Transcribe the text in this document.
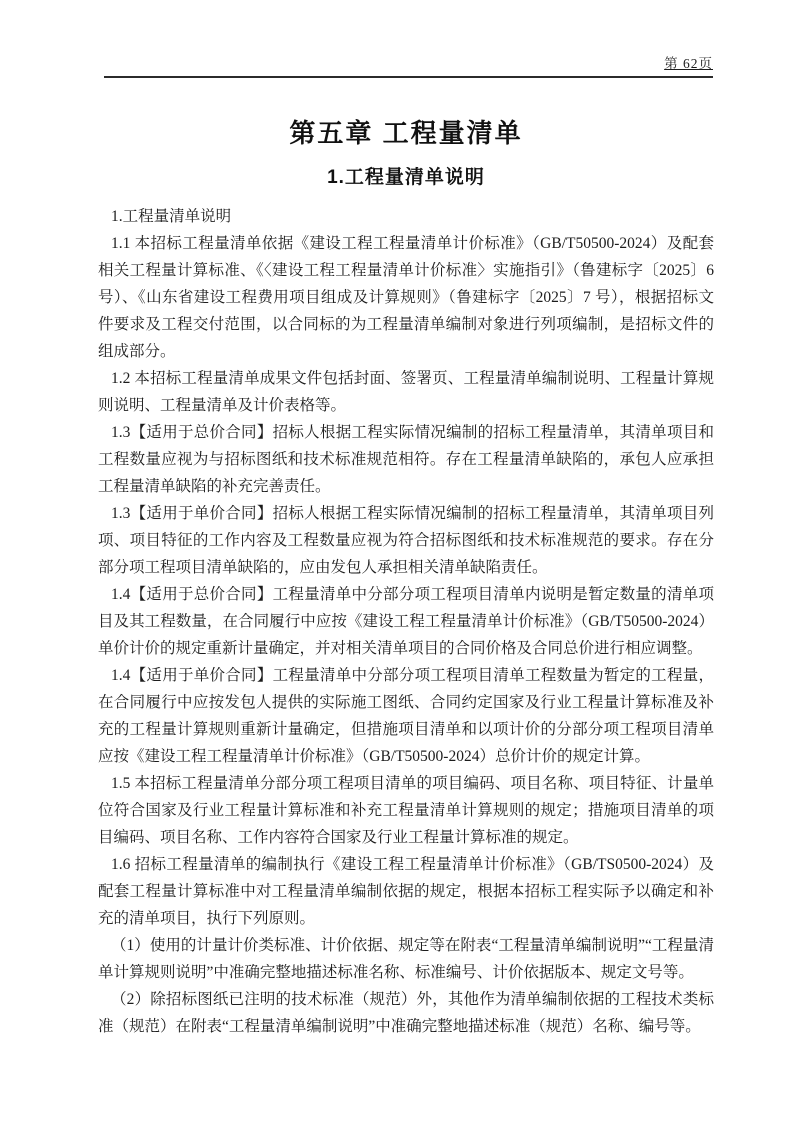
第 62页
第五章 工程量清单
1.工程量清单说明

1.工程量清单说明

1.1 本招标工程量清单依据《建设工程工程量清单计价标准》（GB/T50500-2024）及配套相关工程量计算标准、《〈建设工程工程量清单计价标准〉实施指引》（鲁建标字〔2025〕6 号）、《山东省建设工程费用项目组成及计算规则》（鲁建标字〔2025〕7 号），根据招标文件要求及工程交付范围，以合同标的为工程量清单编制对象进行列项编制，是招标文件的组成部分。

1.2 本招标工程量清单成果文件包括封面、签署页、工程量清单编制说明、工程量计算规则说明、工程量清单及计价表格等。

1.3【适用于总价合同】招标人根据工程实际情况编制的招标工程量清单，其清单项目和工程数量应视为与招标图纸和技术标准规范相符。存在工程量清单缺陷的，承包人应承担工程量清单缺陷的补充完善责任。

1.3【适用于单价合同】招标人根据工程实际情况编制的招标工程量清单，其清单项目列项、项目特征的工作内容及工程数量应视为符合招标图纸和技术标准规范的要求。存在分部分项工程项目清单缺陷的，应由发包人承担相关清单缺陷责任。

1.4【适用于总价合同】工程量清单中分部分项工程项目清单内说明是暂定数量的清单项目及其工程数量，在合同履行中应按《建设工程工程量清单计价标准》（GB/T50500-2024）单价计价的规定重新计量确定，并对相关清单项目的合同价格及合同总价进行相应调整。

1.4【适用于单价合同】工程量清单中分部分项工程项目清单工程数量为暂定的工程量，在合同履行中应按发包人提供的实际施工图纸、合同约定国家及行业工程量计算标准及补充的工程量计算规则重新计量确定，但措施项目清单和以项计价的分部分项工程项目清单应按《建设工程工程量清单计价标准》（GB/T50500-2024）总价计价的规定计算。

1.5 本招标工程量清单分部分项工程项目清单的项目编码、项目名称、项目特征、计量单位符合国家及行业工程量计算标准和补充工程量清单计算规则的规定；措施项目清单的项目编码、项目名称、工作内容符合国家及行业工程量计算标准的规定。

1.6 招标工程量清单的编制执行《建设工程工程量清单计价标准》（GB/TS0500-2024）及配套工程量计算标准中对工程量清单编制依据的规定，根据本招标工程实际予以确定和补充的清单项目，执行下列原则。

（1）使用的计量计价类标准、计价依据、规定等在附表“工程量清单编制说明”“工程量清单计算规则说明”中准确完整地描述标准名称、标准编号、计价依据版本、规定文号等。

（2）除招标图纸已注明的技术标准（规范）外，其他作为清单编制依据的工程技术类标准（规范）在附表“工程量清单编制说明”中准确完整地描述标准（规范）名称、编号等。
